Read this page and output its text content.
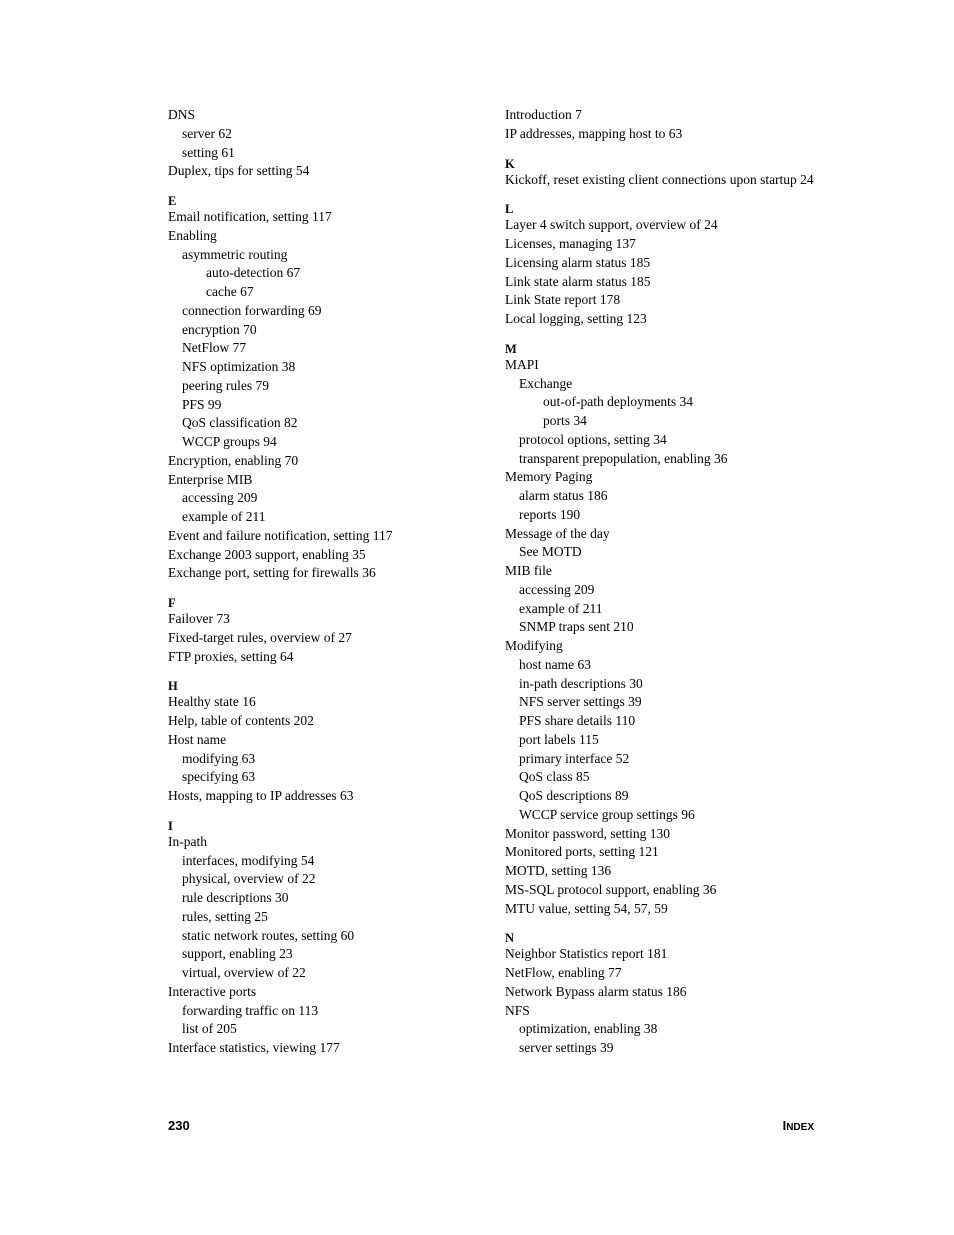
DNS
server 62
setting 61
Duplex, tips for setting 54
E
Email notification, setting 117
Enabling
asymmetric routing
auto-detection 67
cache 67
connection forwarding 69
encryption 70
NetFlow 77
NFS optimization 38
peering rules 79
PFS 99
QoS classification 82
WCCP groups 94
Encryption, enabling 70
Enterprise MIB
accessing 209
example of 211
Event and failure notification, setting 117
Exchange 2003 support, enabling 35
Exchange port, setting for firewalls 36
F
Failover 73
Fixed-target rules, overview of 27
FTP proxies, setting 64
H
Healthy state 16
Help, table of contents 202
Host name
modifying 63
specifying 63
Hosts, mapping to IP addresses 63
I
In-path
interfaces, modifying 54
physical, overview of 22
rule descriptions 30
rules, setting 25
static network routes, setting 60
support, enabling 23
virtual, overview of 22
Interactive ports
forwarding traffic on 113
list of 205
Interface statistics, viewing 177
Introduction 7
IP addresses, mapping host to 63
K
Kickoff, reset existing client connections upon startup 24
L
Layer 4 switch support, overview of 24
Licenses, managing 137
Licensing alarm status 185
Link state alarm status 185
Link State report 178
Local logging, setting 123
M
MAPI
Exchange
out-of-path deployments 34
ports 34
protocol options, setting 34
transparent prepopulation, enabling 36
Memory Paging
alarm status 186
reports 190
Message of the day
See MOTD
MIB file
accessing 209
example of 211
SNMP traps sent 210
Modifying
host name 63
in-path descriptions 30
NFS server settings 39
PFS share details 110
port labels 115
primary interface 52
QoS class 85
QoS descriptions 89
WCCP service group settings 96
Monitor password, setting 130
Monitored ports, setting 121
MOTD, setting 136
MS-SQL protocol support, enabling 36
MTU value, setting 54, 57, 59
N
Neighbor Statistics report 181
NetFlow, enabling 77
Network Bypass alarm status 186
NFS
optimization, enabling 38
server settings 39
230	INDEX
